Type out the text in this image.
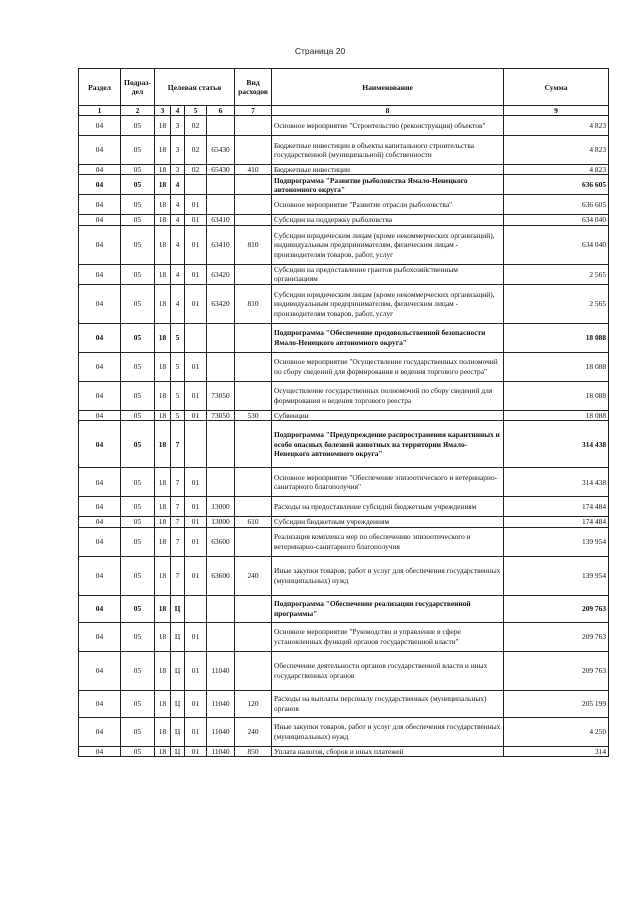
Страница 20
Раздел	Подраз-дел	Целевая статья				Вид расходов	Наименование	Сумма
1	2	3	4	5	6	7	8	9
04	05	18	3	02			Основное мероприятие "Строительство (реконструкция) объектов"	4 823
04	05	18	3	02	65430		Бюджетные инвестиции в объекты капитального строительства государственной (муниципальной) собственности	4 823
04	05	18	3	02	65430	410	Бюджетные инвестиции	4 823
04	05	18	4				Подпрограмма "Развитие рыболовства Ямало-Ненецкого автономного округа"	636 605
04	05	18	4	01			Основное мероприятие "Развитие отрасли рыболовства"	636 605
04	05	18	4	01	63410		Субсидии на поддержку рыболовства	634 040
04	05	18	4	01	63410	810	Субсидии юридическим лицам (кроме некоммерческих организаций), индивидуальным предпринимателям, физическим лицам - производителям товаров, работ, услуг	634 040
04	05	18	4	01	63420		Субсидии на предоставление грантов рыбохозяйственным организациям	2 565
04	05	18	4	01	63420	810	Субсидии юридическим лицам (кроме некоммерческих организаций), индивидуальным предпринимателям, физическим лицам - производителям товаров, работ, услуг	2 565
04	05	18	5				Подпрограмма "Обеспечение продовольственной безопасности Ямало-Ненецкого автономного округа"	18 088
04	05	18	5	01			Основное мероприятие "Осуществление государственных полномочий по сбору сведений для формирования и ведения торгового реестра"	18 088
04	05	18	5	01	73050		Осуществление государственных полномочий по сбору сведений для формирования и ведения торгового реестра	18 088
04	05	18	5	01	73050	530	Субвенции	18 088
04	05	18	7				Подпрограмма "Предупреждение распространения карантинных и особо опасных болезней животных на территории Ямало-Ненецкого автономного округа"	314 438
04	05	18	7	01			Основное мероприятие "Обеспечение эпизоотического и ветеринарно-санитарного благополучия"	314 438
04	05	18	7	01	13000		Расходы на предоставление субсидий бюджетным учреждениям	174 484
04	05	18	7	01	13000	610	Субсидии бюджетным учреждениям	174 484
04	05	18	7	01	63600		Реализация комплекса мер по обеспечению эпизоотического и ветеринарно-санитарного благополучия	139 954
04	05	18	7	01	63600	240	Иные закупки товаров, работ и услуг для обеспечения государственных (муниципальных) нужд	139 954
04	05	18	Ц				Подпрограмма "Обеспечение реализации государственной программы"	209 763
04	05	18	Ц	01			Основное мероприятие "Руководство и управление в сфере установленных функций органов государственной власти"	209 763
04	05	18	Ц	01	11040		Обеспечение деятельности органов государственной власти и иных государственных органов	209 763
04	05	18	Ц	01	11040	120	Расходы на выплаты персоналу государственных (муниципальных) органов	205 199
04	05	18	Ц	01	11040	240	Иные закупки товаров, работ и услуг для обеспечения государственных (муниципальных) нужд	4 250
04	05	18	Ц	01	11040	850	Уплата налогов, сборов и иных платежей	314
